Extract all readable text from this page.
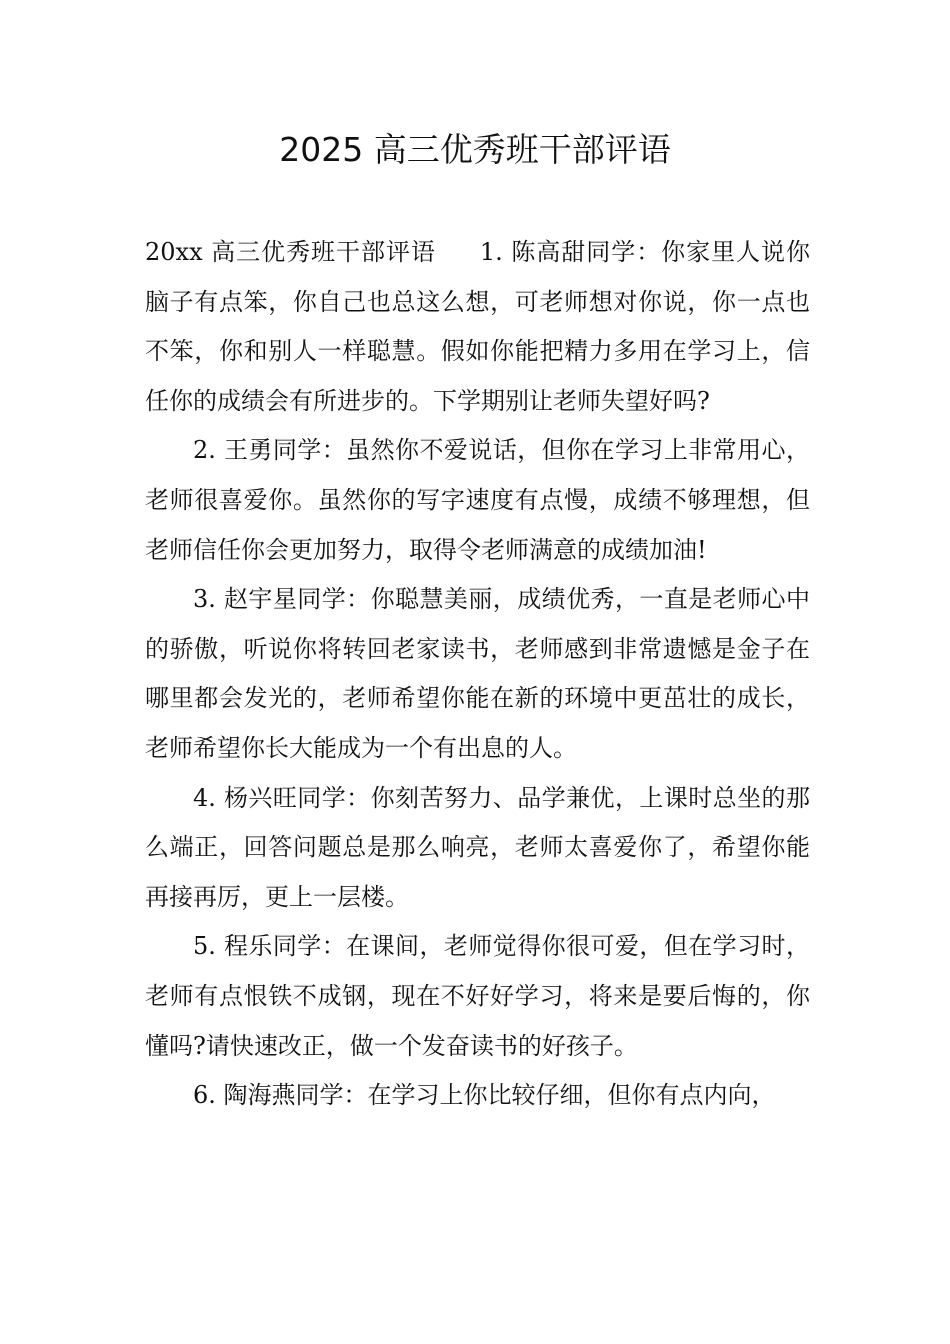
2025 高三优秀班干部评语

20xx 高三优秀班干部评语 1. 陈高甜同学：你家里人说你脑子有点笨，你自己也总这么想，可老师想对你说，你一点也不笨，你和别人一样聪慧。假如你能把精力多用在学习上，信任你的成绩会有所进步的。下学期别让老师失望好吗?

2. 王勇同学：虽然你不爱说话，但你在学习上非常用心，老师很喜爱你。虽然你的写字速度有点慢，成绩不够理想，但老师信任你会更加努力，取得令老师满意的成绩加油!

3. 赵宇星同学：你聪慧美丽，成绩优秀，一直是老师心中的骄傲，听说你将转回老家读书，老师感到非常遗憾是金子在哪里都会发光的，老师希望你能在新的环境中更茁壮的成长，老师希望你长大能成为一个有出息的人。

4. 杨兴旺同学：你刻苦努力、品学兼优，上课时总坐的那么端正，回答问题总是那么响亮，老师太喜爱你了，希望你能再接再厉，更上一层楼。

5. 程乐同学：在课间，老师觉得你很可爱，但在学习时，老师有点恨铁不成钢，现在不好好学习，将来是要后悔的，你懂吗?请快速改正，做一个发奋读书的好孩子。

6. 陶海燕同学：在学习上你比较仔细，但你有点内向，
